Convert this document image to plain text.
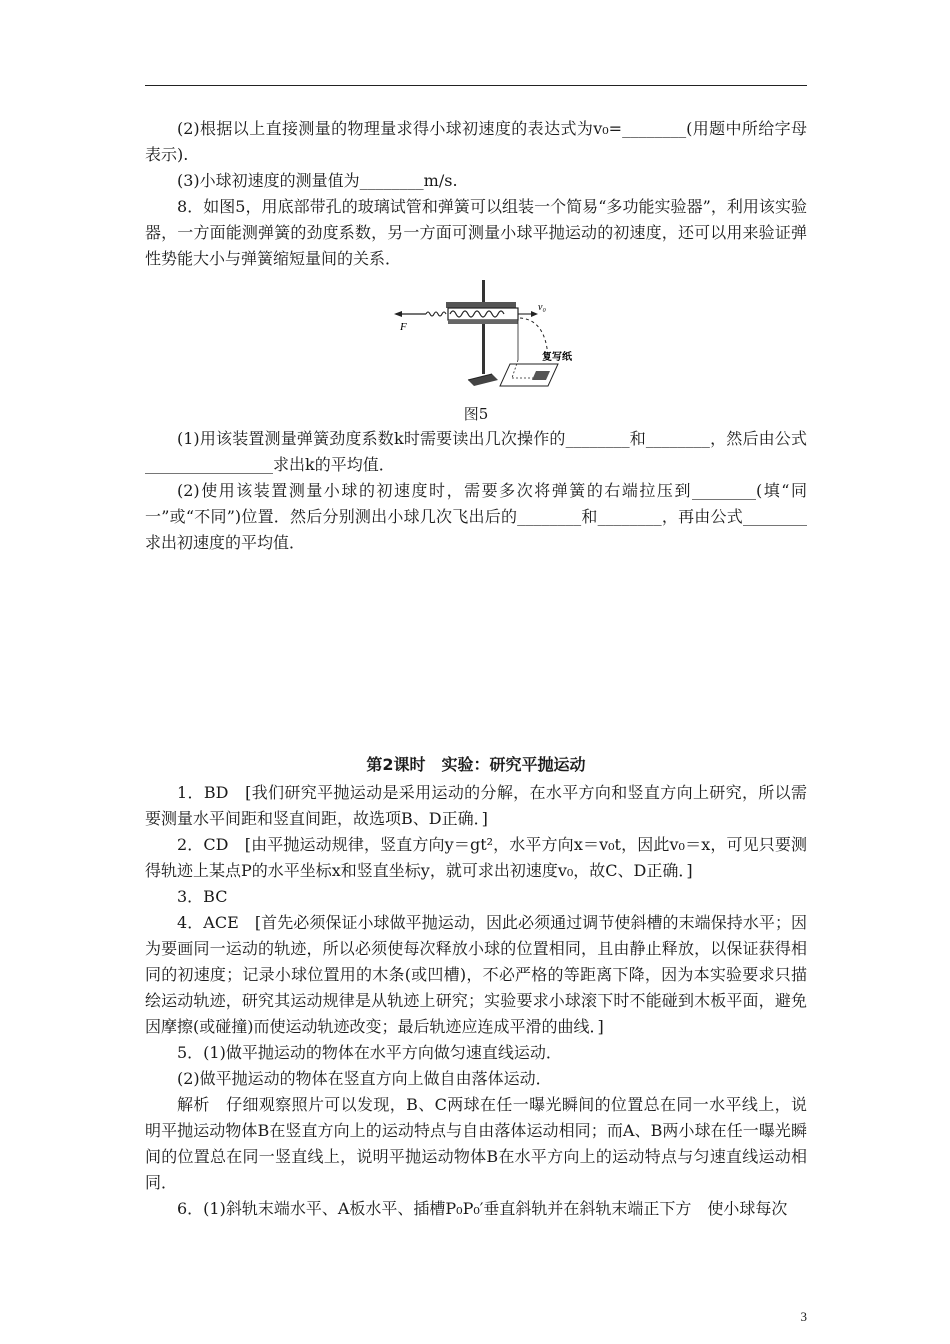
(2)根据以上直接测量的物理量求得小球初速度的表达式为v₀=________(用题中所给字母表示).

(3)小球初速度的测量值为________m/s.

8．如图5，用底部带孔的玻璃试管和弹簧可以组装一个简易“多功能实验器”，利用该实验器，一方面能测弹簧的劲度系数，另一方面可测量小球平抛运动的初速度，还可以用来验证弹性势能大小与弹簧缩短量间的关系．

F
v₀
复写纸

图5

(1)用该装置测量弹簧劲度系数k时需要读出几次操作的________和________，然后由公式________________求出k的平均值．

(2)使用该装置测量小球的初速度时，需要多次将弹簧的右端拉压到________(填“同一”或“不同”)位置．然后分别测出小球几次飞出后的________和________，再由公式________求出初速度的平均值．

第2课时　实验：研究平抛运动

1．BD　[我们研究平抛运动是采用运动的分解，在水平方向和竖直方向上研究，所以需要测量水平间距和竖直间距，故选项B、D正确．]

2．CD　[由平抛运动规律，竖直方向y＝gt²，水平方向x＝v₀t，因此v₀＝x，可见只要测得轨迹上某点P的水平坐标x和竖直坐标y，就可求出初速度v₀，故C、D正确．]

3．BC

4．ACE　[首先必须保证小球做平抛运动，因此必须通过调节使斜槽的末端保持水平；因为要画同一运动的轨迹，所以必须使每次释放小球的位置相同，且由静止释放，以保证获得相同的初速度；记录小球位置用的木条(或凹槽)，不必严格的等距离下降，因为本实验要求只描绘运动轨迹，研究其运动规律是从轨迹上研究；实验要求小球滚下时不能碰到木板平面，避免因摩擦(或碰撞)而使运动轨迹改变；最后轨迹应连成平滑的曲线．]

5．(1)做平抛运动的物体在水平方向做匀速直线运动．

(2)做平抛运动的物体在竖直方向上做自由落体运动．

解析　仔细观察照片可以发现，B、C两球在任一曝光瞬间的位置总在同一水平线上，说明平抛运动物体B在竖直方向上的运动特点与自由落体运动相同；而A、B两小球在任一曝光瞬间的位置总在同一竖直线上，说明平抛运动物体B在水平方向上的运动特点与匀速直线运动相同．

6．(1)斜轨末端水平、A板水平、插槽P₀P₀′垂直斜轨并在斜轨末端正下方　使小球每次

3
